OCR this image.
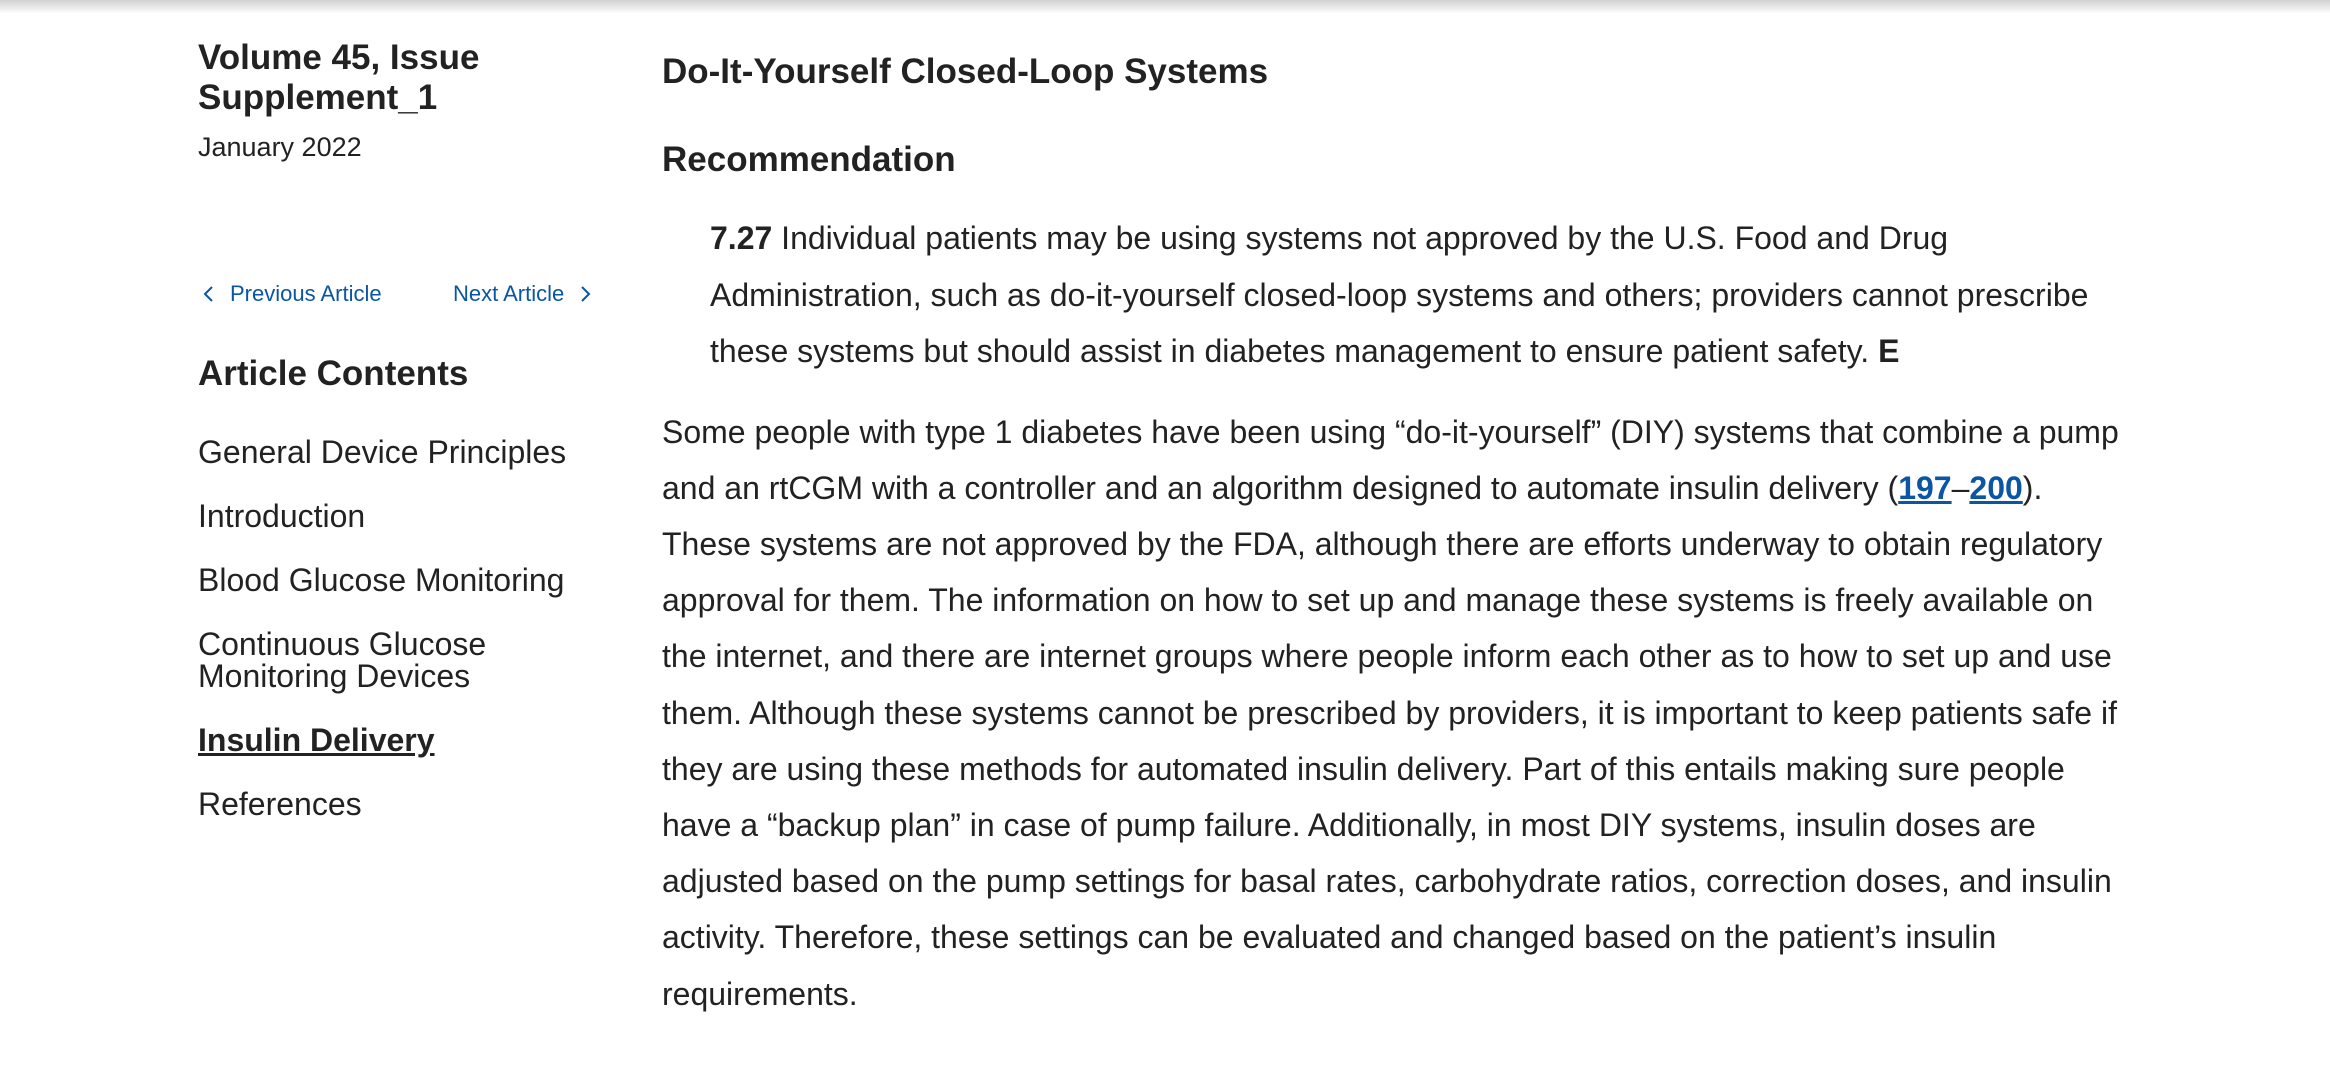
Volume 45, Issue Supplement_1
January 2022
Previous Article	Next Article
Article Contents
General Device Principles
Introduction
Blood Glucose Monitoring
Continuous Glucose Monitoring Devices
Insulin Delivery
References
Do-It-Yourself Closed-Loop Systems
Recommendation

7.27 Individual patients may be using systems not approved by the U.S. Food and Drug Administration, such as do-it-yourself closed-loop systems and others; providers cannot prescribe these systems but should assist in diabetes management to ensure patient safety. E

Some people with type 1 diabetes have been using “do-it-yourself” (DIY) systems that combine a pump and an rtCGM with a controller and an algorithm designed to automate insulin delivery (197–200). These systems are not approved by the FDA, although there are efforts underway to obtain regulatory approval for them. The information on how to set up and manage these systems is freely available on the internet, and there are internet groups where people inform each other as to how to set up and use them. Although these systems cannot be prescribed by providers, it is important to keep patients safe if they are using these methods for automated insulin delivery. Part of this entails making sure people have a “backup plan” in case of pump failure. Additionally, in most DIY systems, insulin doses are adjusted based on the pump settings for basal rates, carbohydrate ratios, correction doses, and insulin activity. Therefore, these settings can be evaluated and changed based on the patient’s insulin requirements.
